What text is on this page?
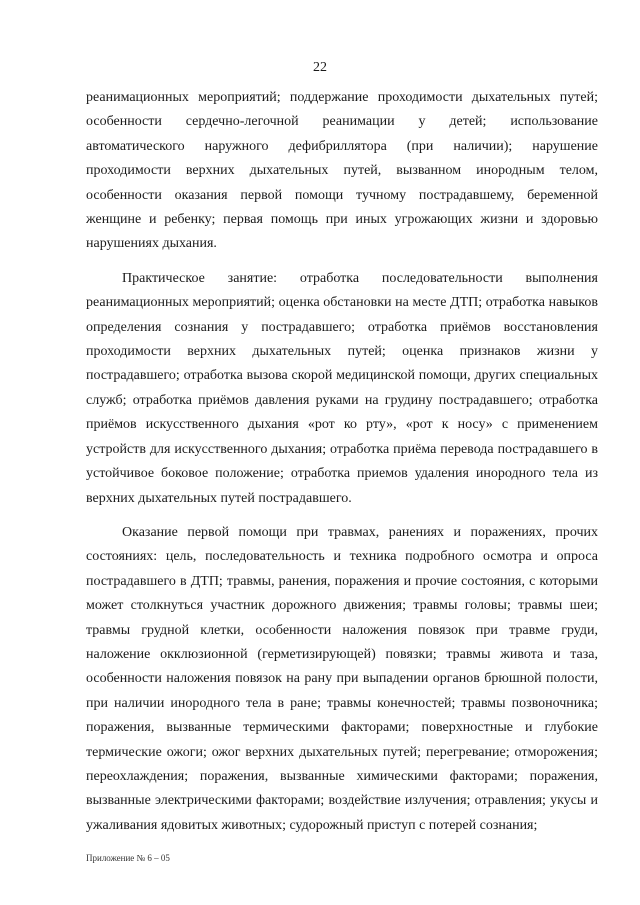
22

реанимационных мероприятий; поддержание проходимости дыхательных путей; особенности сердечно-легочной реанимации у детей; использование автоматического наружного дефибриллятора (при наличии); нарушение проходимости верхних дыхательных путей, вызванном инородным телом, особенности оказания первой помощи тучному пострадавшему, беременной женщине и ребенку; первая помощь при иных угрожающих жизни и здоровью нарушениях дыхания.

Практическое занятие: отработка последовательности выполнения реанимационных мероприятий; оценка обстановки на месте ДТП; отработка навыков определения сознания у пострадавшего; отработка приёмов восстановления проходимости верхних дыхательных путей; оценка признаков жизни у пострадавшего; отработка вызова скорой медицинской помощи, других специальных служб; отработка приёмов давления руками на грудину пострадавшего; отработка приёмов искусственного дыхания «рот ко рту», «рот к носу» с применением устройств для искусственного дыхания; отработка приёма перевода пострадавшего в устойчивое боковое положение; отработка приемов удаления инородного тела из верхних дыхательных путей пострадавшего.

Оказание первой помощи при травмах, ранениях и поражениях, прочих состояниях: цель, последовательность и техника подробного осмотра и опроса пострадавшего в ДТП; травмы, ранения, поражения и прочие состояния, с которыми может столкнуться участник дорожного движения; травмы головы; травмы шеи; травмы грудной клетки, особенности наложения повязок при травме груди, наложение окклюзионной (герметизирующей) повязки; травмы живота и таза, особенности наложения повязок на рану при выпадении органов брюшной полости, при наличии инородного тела в ране; травмы конечностей; травмы позвоночника; поражения, вызванные термическими факторами; поверхностные и глубокие термические ожоги; ожог верхних дыхательных путей; перегревание; отморожения; переохлаждения; поражения, вызванные химическими факторами; поражения, вызванные электрическими факторами; воздействие излучения; отравления; укусы и ужаливания ядовитых животных; судорожный приступ с потерей сознания;

Приложение № 6 – 05
